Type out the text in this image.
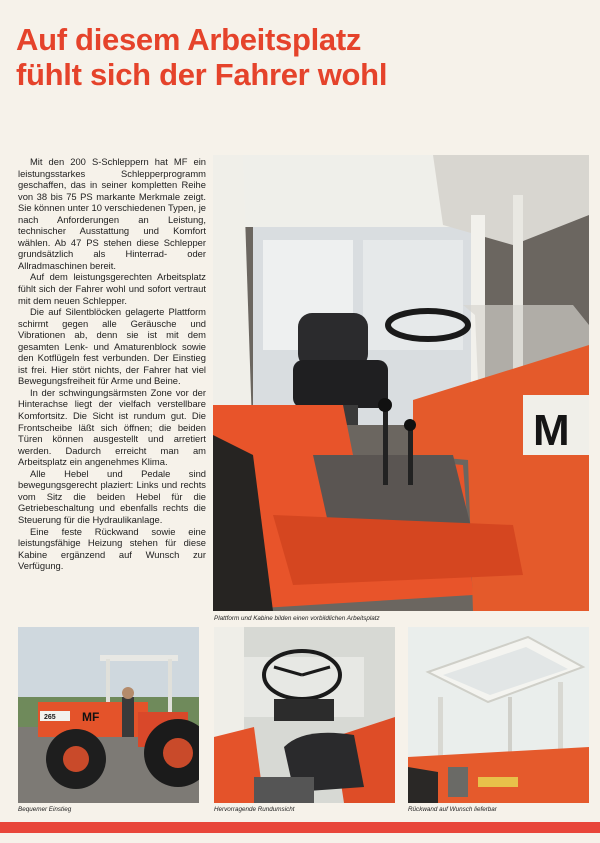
Auf diesem Arbeitsplatz
fühlt sich der Fahrer wohl

Mit den 200 S-Schleppern hat MF ein leistungsstarkes Schlepperprogramm geschaffen, das in seiner kompletten Reihe von 38 bis 75 PS markante Merkmale zeigt. Sie können unter 10 verschiedenen Typen, je nach Anforderungen an Leistung, technischer Ausstattung und Komfort wählen. Ab 47 PS stehen diese Schlepper grundsätzlich als Hinterrad- oder Allradmaschinen bereit.

Auf dem leistungsgerechten Arbeitsplatz fühlt sich der Fahrer wohl und sofort vertraut mit dem neuen Schlepper.

Die auf Silentblöcken gelagerte Plattform schirmt gegen alle Geräusche und Vibrationen ab, denn sie ist mit dem gesamten Lenk- und Amaturenblock sowie den Kotflügeln fest verbunden. Der Einstieg ist frei. Hier stört nichts, der Fahrer hat viel Bewegungsfreiheit für Arme und Beine.

In der schwingungsärmsten Zone vor der Hinterachse liegt der vielfach verstellbare Komfortsitz. Die Sicht ist rundum gut. Die Frontscheibe läßt sich öffnen; die beiden Türen können ausgestellt und arretiert werden. Dadurch erreicht man am Arbeitsplatz ein angenehmes Klima.

Alle Hebel und Pedale sind bewegungsgerecht plaziert: Links und rechts vom Sitz die beiden Hebel für die Getriebeschaltung und ebenfalls rechts die Steuerung für die Hydraulikanlage.

Eine feste Rückwand sowie eine leistungsfähige Heizung stehen für diese Kabine ergänzend auf Wunsch zur Verfügung.

M
Plattform und Kabine bilden einen vorbildlichen Arbeitsplatz
265 MF
Bequemer Einstieg	Hervorragende Rundumsicht	Rückwand auf Wunsch lieferbar
